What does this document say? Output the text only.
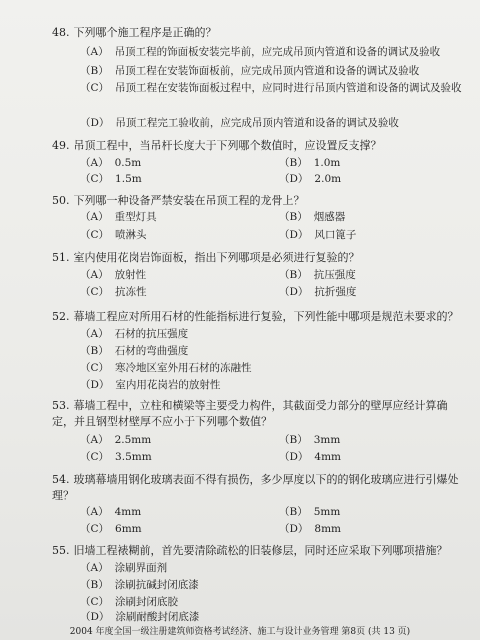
48. 下列哪个施工程序是正确的？
（A） 吊顶工程的饰面板安装完毕前，应完成吊顶内管道和设备的调试及验收
（B） 吊顶工程在安装饰面板前，应完成吊顶内管道和设备的调试及验收
（C） 吊顶工程在安装饰面板过程中，应同时进行吊顶内管道和设备的调试及验收
（D） 吊顶工程完工验收前，应完成吊顶内管道和设备的调试及验收
49. 吊顶工程中，当吊杆长度大于下列哪个数值时，应设置反支撑？
（A） 0.5m	（B） 1.0m
（C） 1.5m	（D） 2.0m
50. 下列哪一种设备严禁安装在吊顶工程的龙骨上？
（A） 重型灯具	（B） 烟感器
（C） 喷淋头	（D） 风口篦子
51. 室内使用花岗岩饰面板，指出下列哪项是必须进行复验的？
（A） 放射性	（B） 抗压强度
（C） 抗冻性	（D） 抗折强度
52. 幕墙工程应对所用石材的性能指标进行复验，下列性能中哪项是规范未要求的？
（A） 石材的抗压强度
（B） 石材的弯曲强度
（C） 寒冷地区室外用石材的冻融性
（D） 室内用花岗岩的放射性
53. 幕墙工程中，立柱和横梁等主要受力构件，其截面受力部分的壁厚应经计算确定，并且钢型材壁厚不应小于下列哪个数值？
（A） 2.5mm	（B） 3mm
（C） 3.5mm	（D） 4mm
54. 玻璃幕墙用钢化玻璃表面不得有损伤，多少厚度以下的的钢化玻璃应进行引爆处理？
（A） 4mm	（B） 5mm
（C） 6mm	（D） 8mm
55. 旧墙工程裱糊前，首先要清除疏松的旧装修层，同时还应采取下列哪项措施？
（A） 涂刷界面剂
（B） 涂刷抗碱封闭底漆
（C） 涂刷封闭底胶
（D） 涂刷耐酸封闭底漆
2004 年度全国一级注册建筑师资格考试经济、施工与设计业务管理 第8页 (共 13 页)
